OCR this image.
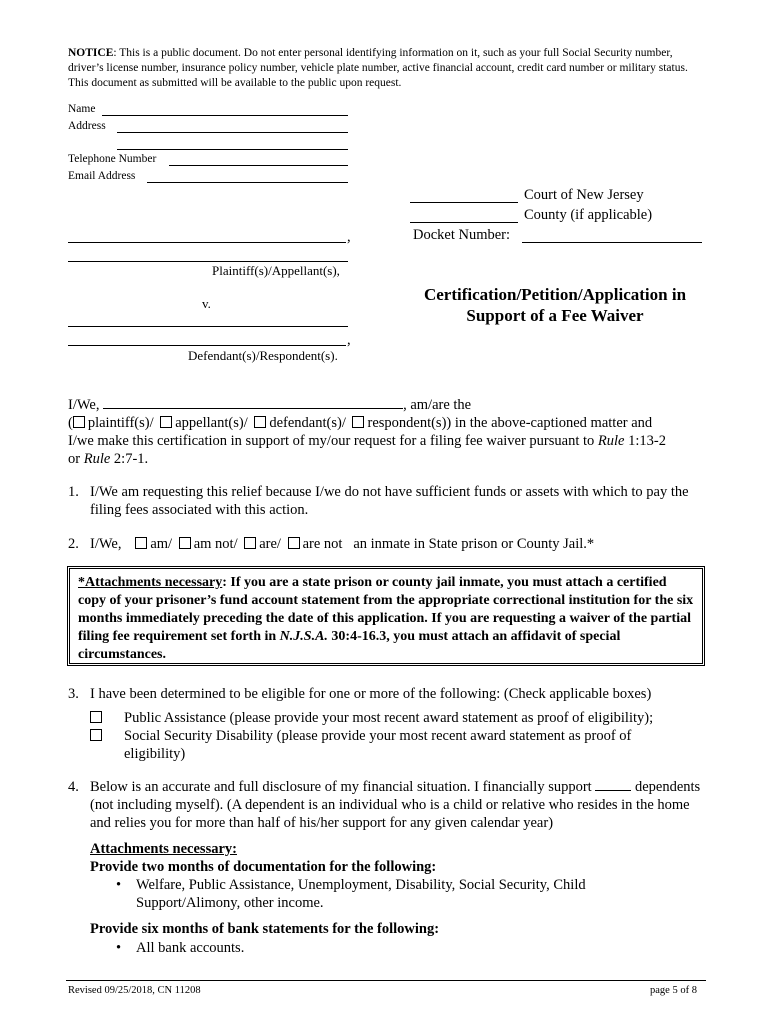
NOTICE: This is a public document. Do not enter personal identifying information on it, such as your full Social Security number, driver’s license number, insurance policy number, vehicle plate number, active financial account, credit card number or military status. This document as submitted will be available to the public upon request.
Name
Address
Telephone Number
Email Address
Court of New Jersey
County (if applicable)
Docket Number:
,
Plaintiff(s)/Appellant(s),
v.
,
Defendant(s)/Respondent(s).
Certification/Petition/Application in
Support of a Fee Waiver
I/We,	, am/are the
( plaintiff(s)/ appellant(s)/ defendant(s)/ respondent(s)) in the above-captioned matter and
I/we make this certification in support of my/our request for a filing fee waiver pursuant to Rule 1:13-2
or Rule 2:7-1.
1. I/We am requesting this relief because I/we do not have sufficient funds or assets with which to pay the filing fees associated with this action.
2. I/We, am/ am not/ are/ are not an inmate in State prison or County Jail.*
*Attachments necessary: If you are a state prison or county jail inmate, you must attach a certified copy of your prisoner’s fund account statement from the appropriate correctional institution for the six months immediately preceding the date of this application. If you are requesting a waiver of the partial filing fee requirement set forth in N.J.S.A. 30:4-16.3, you must attach an affidavit of special circumstances.
3. I have been determined to be eligible for one or more of the following: (Check applicable boxes)
Public Assistance (please provide your most recent award statement as proof of eligibility);
Social Security Disability (please provide your most recent award statement as proof of eligibility)
4. Below is an accurate and full disclosure of my financial situation. I financially support	dependents (not including myself). (A dependent is an individual who is a child or relative who resides in the home and relies you for more than half of his/her support for any given calendar year)
Attachments necessary:
Provide two months of documentation for the following:
• Welfare, Public Assistance, Unemployment, Disability, Social Security, Child Support/Alimony, other income.
Provide six months of bank statements for the following:
• All bank accounts.
Revised 09/25/2018, CN 11208	page 5 of 8
